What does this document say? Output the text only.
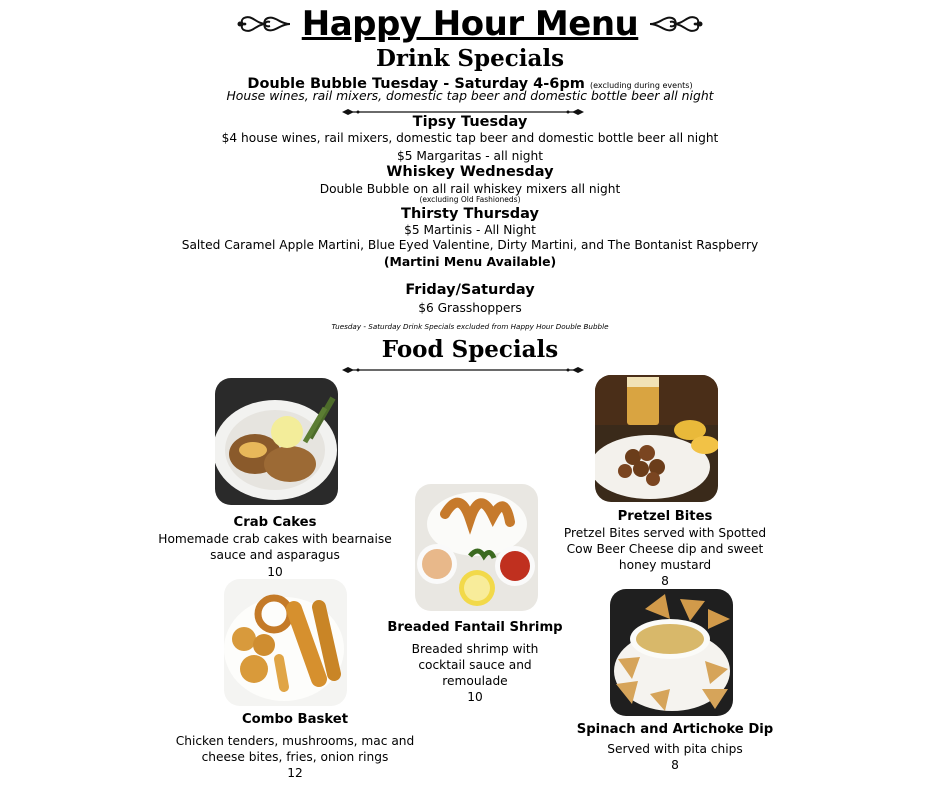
Happy Hour Menu
Drink Specials
Double Bubble Tuesday - Saturday 4-6pm (excluding during events)
House wines, rail mixers, domestic tap beer and domestic bottle beer all night
Tipsy Tuesday
$4 house wines, rail mixers, domestic tap beer and domestic bottle beer all night
$5 Margaritas - all night
Whiskey Wednesday
Double Bubble on all rail whiskey mixers all night
(excluding Old Fashioneds)
Thirsty Thursday
$5 Martinis - All Night
Salted Caramel Apple Martini, Blue Eyed Valentine, Dirty Martini, and The Bontanist Raspberry
(Martini Menu Available)
Friday/Saturday
$6 Grasshoppers
Tuesday - Saturday Drink Specials excluded from Happy Hour Double Bubble
Food Specials
Crab Cakes
Homemade crab cakes with bearnaise
sauce and asparagus
10
Pretzel Bites
Pretzel Bites served with Spotted
Cow Beer Cheese dip and sweet
honey mustard
8
Breaded Fantail Shrimp
Breaded shrimp with
cocktail sauce and
remoulade
10
Combo Basket
Chicken tenders, mushrooms, mac and
cheese bites, fries, onion rings
12
Spinach and Artichoke Dip
Served with pita chips
8
